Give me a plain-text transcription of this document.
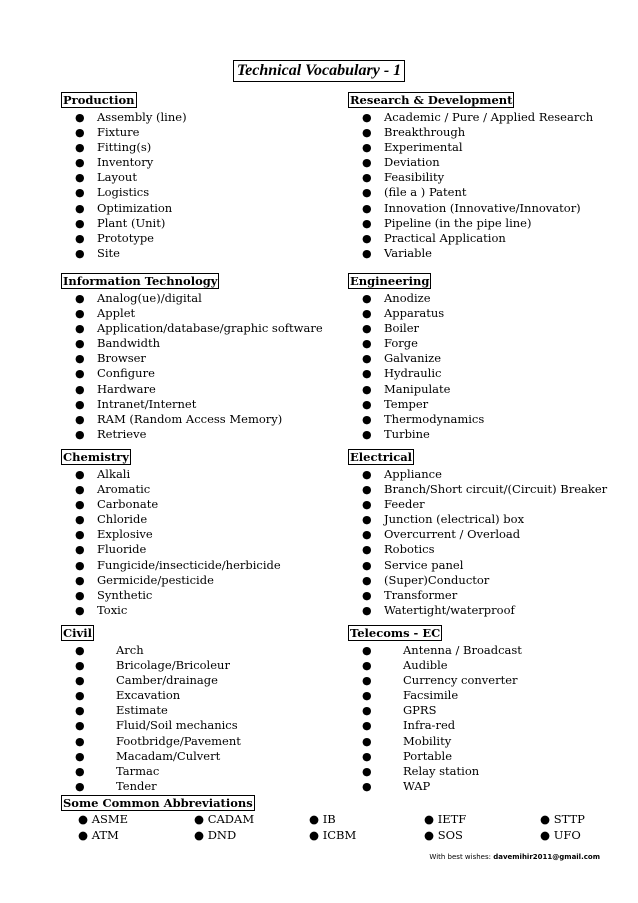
Technical Vocabulary - 1
Production
● Assembly (line)
● Fixture
● Fitting(s)
● Inventory
● Layout
● Logistics
● Optimization
● Plant (Unit)
● Prototype
● Site
Research & Development
● Academic / Pure / Applied Research
● Breakthrough
● Experimental
● Deviation
● Feasibility
● (file a ) Patent
● Innovation (Innovative/Innovator)
● Pipeline (in the pipe line)
● Practical Application
● Variable
Information Technology
● Analog(ue)/digital
● Applet
● Application/database/graphic software
● Bandwidth
● Browser
● Configure
● Hardware
● Intranet/Internet
● RAM (Random Access Memory)
● Retrieve
Engineering
● Anodize
● Apparatus
● Boiler
● Forge
● Galvanize
● Hydraulic
● Manipulate
● Temper
● Thermodynamics
● Turbine
Chemistry
● Alkali
● Aromatic
● Carbonate
● Chloride
● Explosive
● Fluoride
● Fungicide/insecticide/herbicide
● Germicide/pesticide
● Synthetic
● Toxic
Electrical
● Appliance
● Branch/Short circuit/(Circuit) Breaker
● Feeder
● Junction (electrical) box
● Overcurrent / Overload
● Robotics
● Service panel
● (Super)Conductor
● Transformer
● Watertight/waterproof
Civil
●	Arch
●	Bricolage/Bricoleur
●	Camber/drainage
●	Excavation
●	Estimate
●	Fluid/Soil mechanics
●	Footbridge/Pavement
●	Macadam/Culvert
●	Tarmac
●	Tender
Telecoms - EC
●	Antenna / Broadcast
●	Audible
●	Currency converter
●	Facsimile
●	GPRS
●	Infra-red
●	Mobility
●	Portable
●	Relay station
●	WAP
Some Common Abbreviations
● ASME	● CADAM	● IB	● IETF	● STTP
● ATM	● DND	● ICBM	● SOS	● UFO
With best wishes: davemihir2011@gmail.com
